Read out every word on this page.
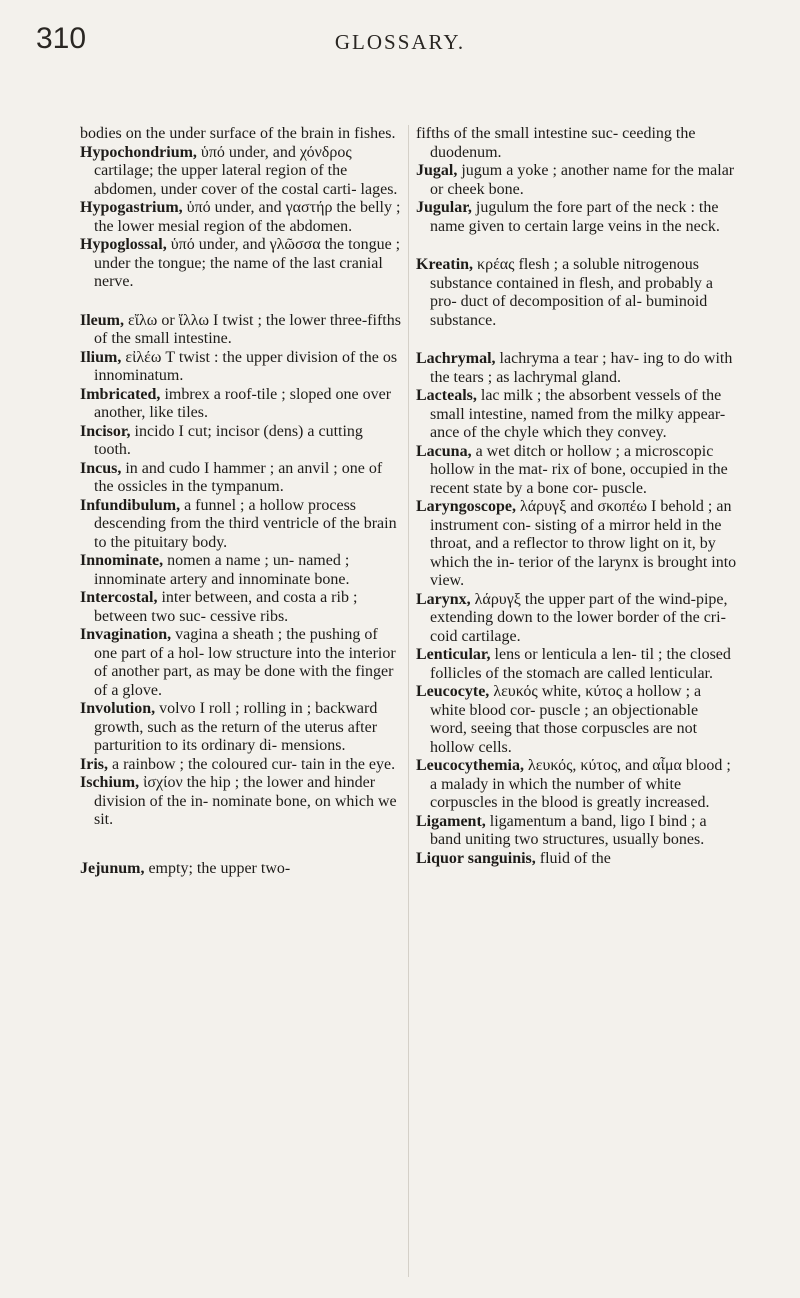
310	GLOSSARY.

bodies on the under surface of the brain in fishes.

Hypochondrium, ὑπό under, and χόνδρος cartilage; the upper lateral region of the abdomen, under cover of the costal carti- lages.

Hypogastrium, ὑπό under, and γαστήρ the belly ; the lower mesial region of the abdomen.

Hypoglossal, ὑπό under, and γλῶσσα the tongue ; under the tongue; the name of the last cranial nerve.

Ileum, εἴλω or ἴλλω I twist ; the lower three-fifths of the small intestine.

Ilium, εἰλέω T twist : the upper division of the os innominatum.

Imbricated, imbrex a roof-tile ; sloped one over another, like tiles.

Incisor, incido I cut; incisor (dens) a cutting tooth.

Incus, in and cudo I hammer ; an anvil ; one of the ossicles in the tympanum.

Infundibulum, a funnel ; a hollow process descending from the third ventricle of the brain to the pituitary body.

Innominate, nomen a name ; un- named ; innominate artery and innominate bone.

Intercostal, inter between, and costa a rib ; between two suc- cessive ribs.

Invagination, vagina a sheath ; the pushing of one part of a hol- low structure into the interior of another part, as may be done with the finger of a glove.

Involution, volvo I roll ; rolling in ; backward growth, such as the return of the uterus after parturition to its ordinary di- mensions.

Iris, a rainbow ; the coloured cur- tain in the eye.

Ischium, ἰσχίον the hip ; the lower and hinder division of the in- nominate bone, on which we sit.

Jejunum, empty; the upper two-

fifths of the small intestine suc- ceeding the duodenum.

Jugal, jugum a yoke ; another name for the malar or cheek bone.

Jugular, jugulum the fore part of the neck : the name given to certain large veins in the neck.

Kreatin, κρέας flesh ; a soluble nitrogenous substance contained in flesh, and probably a pro- duct of decomposition of al- buminoid substance.

Lachrymal, lachryma a tear ; hav- ing to do with the tears ; as lachrymal gland.

Lacteals, lac milk ; the absorbent vessels of the small intestine, named from the milky appear- ance of the chyle which they convey.

Lacuna, a wet ditch or hollow ; a microscopic hollow in the mat- rix of bone, occupied in the recent state by a bone cor- puscle.

Laryngoscope, λάρυγξ and σκοπέω I behold ; an instrument con- sisting of a mirror held in the throat, and a reflector to throw light on it, by which the in- terior of the larynx is brought into view.

Larynx, λάρυγξ the upper part of the wind-pipe, extending down to the lower border of the cri- coid cartilage.

Lenticular, lens or lenticula a len- til ; the closed follicles of the stomach are called lenticular.

Leucocyte, λευκός white, κύτος a hollow ; a white blood cor- puscle ; an objectionable word, seeing that those corpuscles are not hollow cells.

Leucocythemia, λευκός, κύτος, and αἷμα blood ; a malady in which the number of white corpuscles in the blood is greatly increased.

Ligament, ligamentum a band, ligo I bind ; a band uniting two structures, usually bones.

Liquor sanguinis, fluid of the
